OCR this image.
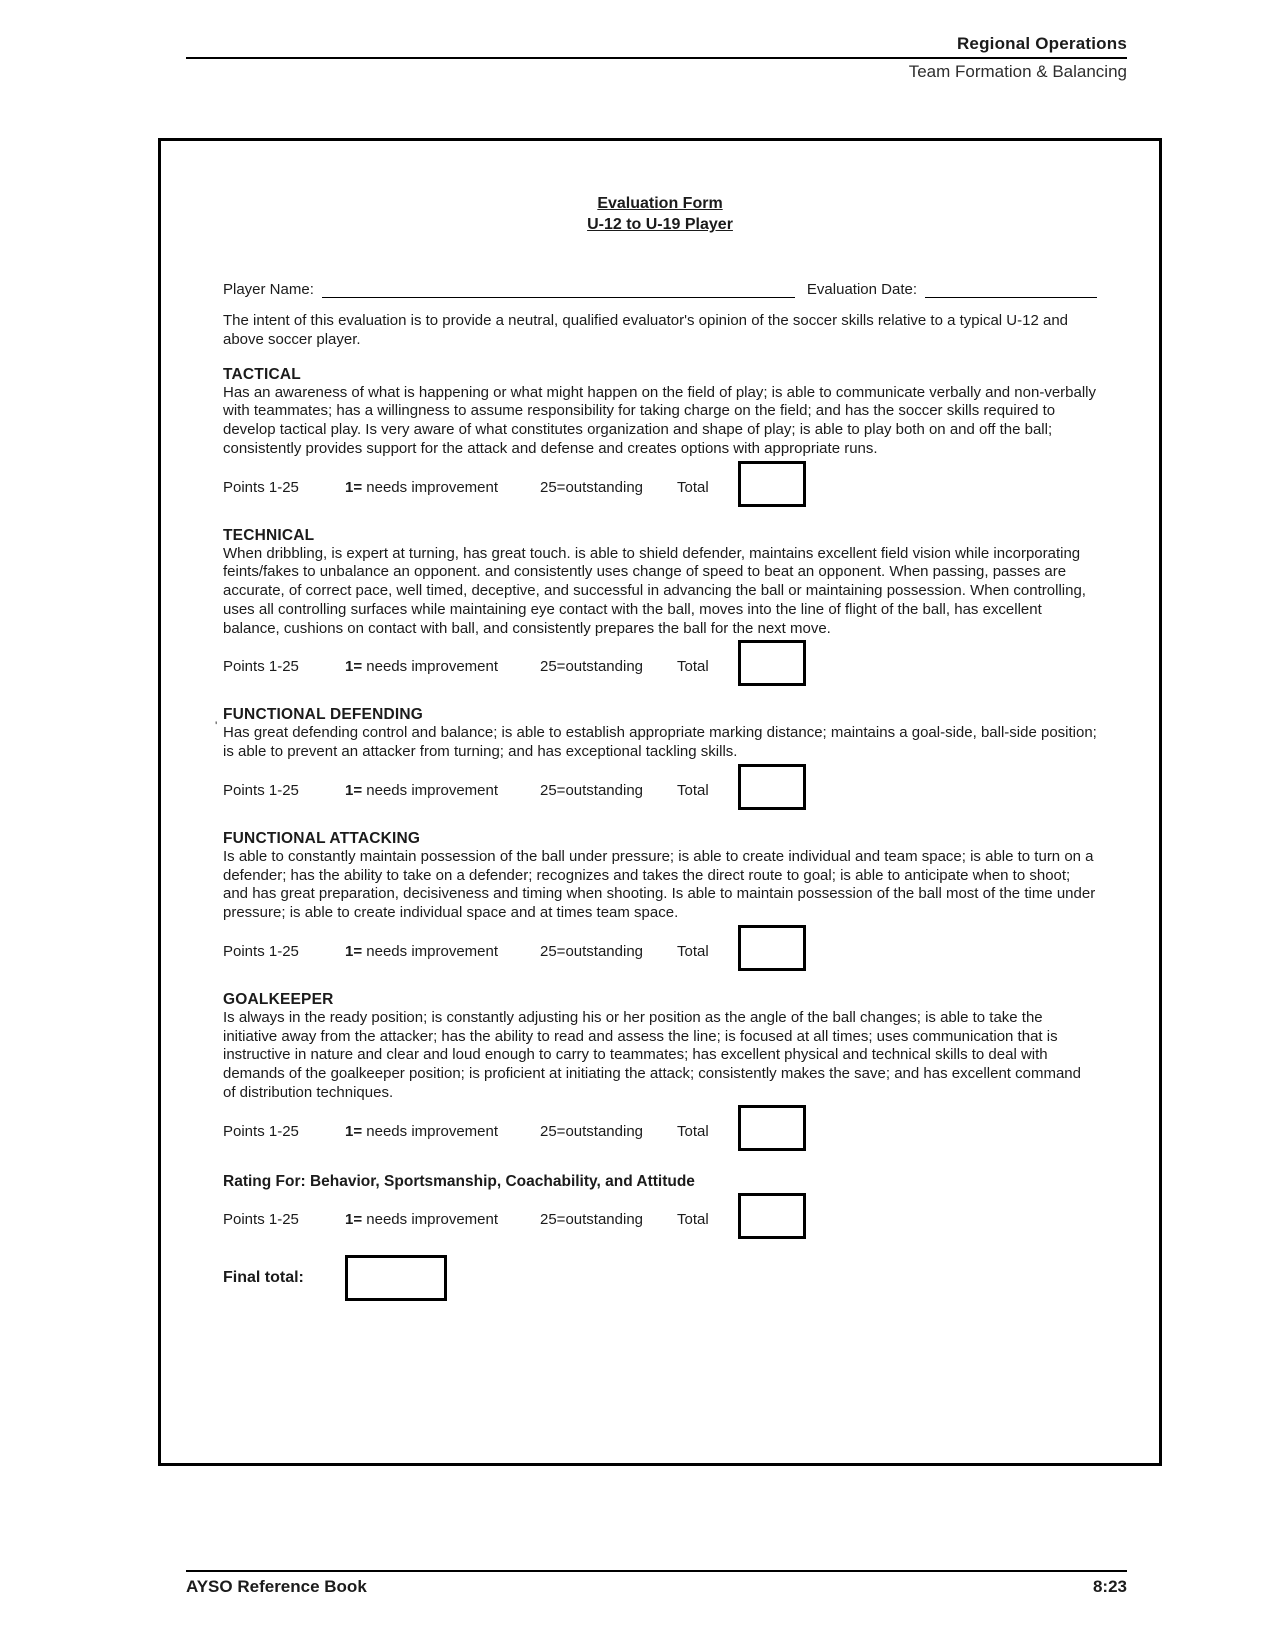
Regional Operations
Team Formation & Balancing
Evaluation Form
U-12 to U-19 Player
Player Name:	Evaluation Date:
The intent of this evaluation is to provide a neutral, qualified evaluator's opinion of the soccer skills relative to a typical U-12 and above soccer player.
TACTICAL
Has an awareness of what is happening or what might happen on the field of play; is able to communicate verbally and non-verbally with teammates; has a willingness to assume responsibility for taking charge on the field; and has the soccer skills required to develop tactical play. Is very aware of what constitutes organization and shape of play; is able to play both on and off the ball; consistently provides support for the attack and defense and creates options with appropriate runs.
Points 1-25	1= needs improvement	25=outstanding Total
TECHNICAL
When dribbling, is expert at turning, has great touch. is able to shield defender, maintains excellent field vision while incorporating feints/fakes to unbalance an opponent. and consistently uses change of speed to beat an opponent. When passing, passes are accurate, of correct pace, well timed, deceptive, and successful in advancing the ball or maintaining possession. When controlling, uses all controlling surfaces while maintaining eye contact with the ball, moves into the line of flight of the ball, has excellent balance, cushions on contact with ball, and consistently prepares the ball for the next move.
Points 1-25	1= needs improvement	25=outstanding Total
FUNCTIONAL DEFENDING
' Has great defending control and balance; is able to establish appropriate marking distance; maintains a goal-side, ball-side position; is able to prevent an attacker from turning; and has exceptional tackling skills.
Points 1-25	1= needs improvement	25=outstanding Total
FUNCTIONAL ATTACKING
Is able to constantly maintain possession of the ball under pressure; is able to create individual and team space; is able to turn on a defender; has the ability to take on a defender; recognizes and takes the direct route to goal; is able to anticipate when to shoot; and has great preparation, decisiveness and timing when shooting. Is able to maintain possession of the ball most of the time under pressure; is able to create individual space and at times team space.
Points 1-25	1= needs improvement	25=outstanding Total
GOALKEEPER
Is always in the ready position; is constantly adjusting his or her position as the angle of the ball changes; is able to take the initiative away from the attacker; has the ability to read and assess the line; is focused at all times; uses communication that is instructive in nature and clear and loud enough to carry to teammates; has excellent physical and technical skills to deal with demands of the goalkeeper position; is proficient at initiating the attack; consistently makes the save; and has excellent command of distribution techniques.
Points 1-25	1= needs improvement	25=outstanding Total
Rating For: Behavior, Sportsmanship, Coachability, and Attitude
Points 1-25	1= needs improvement	25=outstanding Total
Final total:
AYSO Reference Book	8:23
